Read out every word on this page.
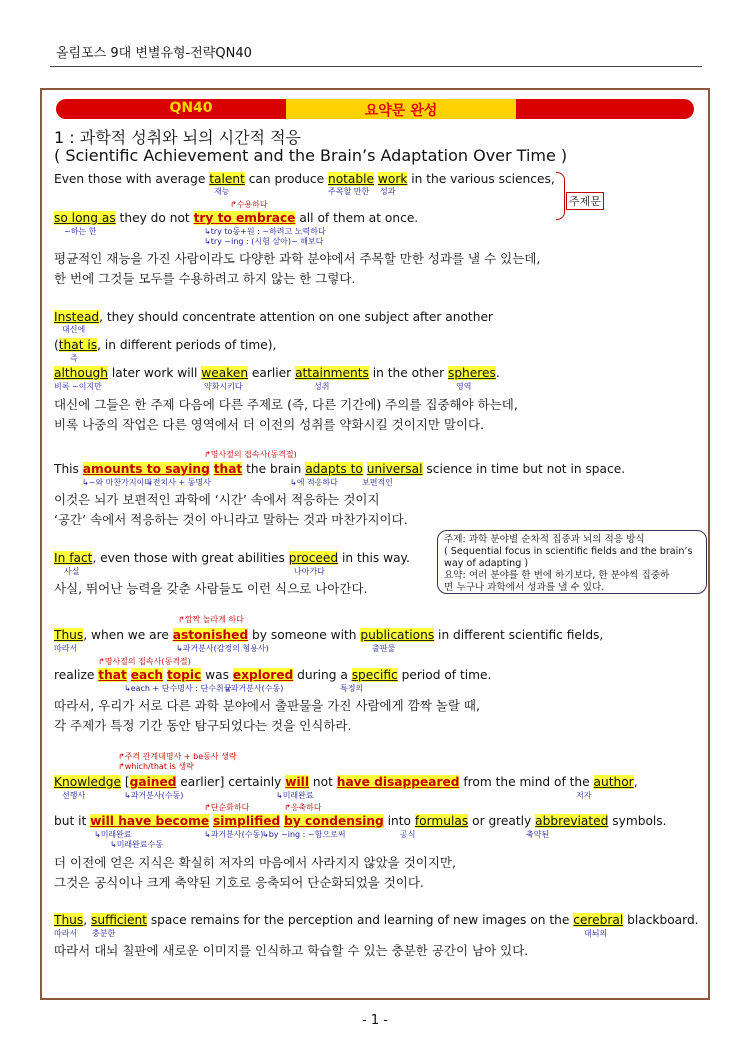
올림포스 9대 변별유형-전략QN40
QN40	요약문 완성
1 : 과학적 성취와 뇌의 시간적 적응
( Scientific Achievement and the Brain’s Adaptation Over Time )
Even those with average talent can produce notable work in the various sciences,
재능	주목할 만한 성과
↱수용하다	주제문
so long as they do not try to embrace all of them at once.
~하는 한	↳try to동+원 : ~하려고 노력하다
↳try ~ing : (시험 삼아)~ 해보다
평균적인 재능을 가진 사람이라도 다양한 과학 분야에서 주목할 만한 성과를 낼 수 있는데,
한 번에 그것들 모두를 수용하려고 하지 않는 한 그렇다.
Instead, they should concentrate attention on one subject after another
대신에
(that is, in different periods of time),
즉
although later work will weaken earlier attainments in the other spheres.
비록 ~이지만	약화시키다	성취	영역
대신에 그들은 한 주제 다음에 다른 주제로 (즉, 다른 기간에) 주의를 집중해야 하는데,
비록 나중의 작업은 다른 영역에서 더 이전의 성취를 약화시킬 것이지만 말이다.
↱명사절의 접속사(동격절)
This amounts to saying that the brain adapts to universal science in time but not in space.
↳~와 마찬가지이다
↳전치사 + 동명사	↳에 적응하다	보편적인
이것은 뇌가 보편적인 과학에 ‘시간’ 속에서 적응하는 것이지
‘공간’ 속에서 적응하는 것이 아니라고 말하는 것과 마찬가지이다.
주제: 과학 분야별 순차적 집중과 뇌의 적응 방식
( Sequential focus in scientific fields and the brain’s
way of adapting )
요약: 여러 분야를 한 번에 하기보다, 한 분야씩 집중하
면 누구나 과학에서 성과를 낼 수 있다.
In fact, even those with great abilities proceed in this way.
사실	나아가다
사실, 뛰어난 능력을 갖춘 사람들도 이런 식으로 나아간다.
↱깜짝 놀라게 하다
Thus, when we are astonished by someone with publications in different scientific fields,
따라서	↳과거분사(감정의 형용사)	출판물
↱명사절의 접속사(동격절)
realize that each topic was explored during a specific period of time.
↳each + 단수명사 : 단수취급
↳과거분사(수동)	특정의
따라서, 우리가 서로 다른 과학 분야에서 출판물을 가진 사람에게 깜짝 놀랄 때,
각 주제가 특정 기간 동안 탐구되었다는 것을 인식하라.
↱주격 관계대명사 + be동사 생략
↱which/that is 생략
Knowledge [gained earlier] certainly will not have disappeared from the mind of the author,
선행사	↳과거분사(수동)	↳미래완료	저자
↱단순화하다	↱응축하다
but it will have become simplified by condensing into formulas or greatly abbreviated symbols.
↳미래완료
↳미래완료수동
↳과거분사(수동)
↳by ~ing : ~함으로써	공식	축약된
더 이전에 얻은 지식은 확실히 저자의 마음에서 사라지지 않았을 것이지만,
그것은 공식이나 크게 축약된 기호로 응축되어 단순화되었을 것이다.
Thus, sufficient space remains for the perception and learning of new images on the cerebral blackboard.
따라서 충분한	대뇌의
따라서 대뇌 칠판에 새로운 이미지를 인식하고 학습할 수 있는 충분한 공간이 남아 있다.
- 1 -
